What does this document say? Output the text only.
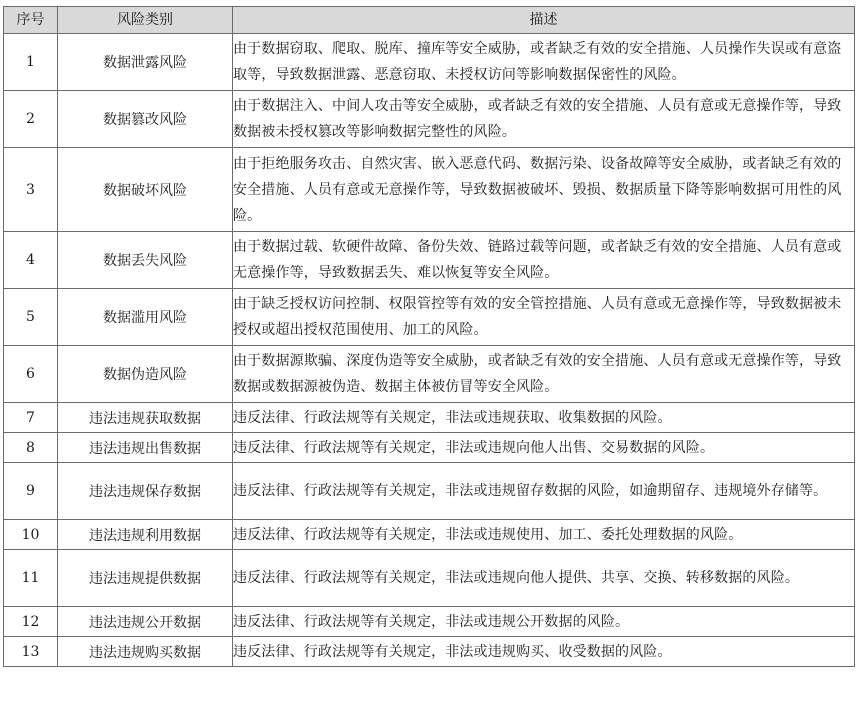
序号	风险类别	描述
1	数据泄露风险	由于数据窃取、爬取、脱库、撞库等安全威胁，或者缺乏有效的安全措施、人员操作失误或有意盗取等，导致数据泄露、恶意窃取、未授权访问等影响数据保密性的风险。
2	数据篡改风险	由于数据注入、中间人攻击等安全威胁，或者缺乏有效的安全措施、人员有意或无意操作等，导致数据被未授权篡改等影响数据完整性的风险。
3	数据破坏风险	由于拒绝服务攻击、自然灾害、嵌入恶意代码、数据污染、设备故障等安全威胁，或者缺乏有效的安全措施、人员有意或无意操作等，导致数据被破坏、毁损、数据质量下降等影响数据可用性的风险。
4	数据丢失风险	由于数据过载、软硬件故障、备份失效、链路过载等问题，或者缺乏有效的安全措施、人员有意或无意操作等，导致数据丢失、难以恢复等安全风险。
5	数据滥用风险	由于缺乏授权访问控制、权限管控等有效的安全管控措施、人员有意或无意操作等，导致数据被未授权或超出授权范围使用、加工的风险。
6	数据伪造风险	由于数据源欺骗、深度伪造等安全威胁，或者缺乏有效的安全措施、人员有意或无意操作等，导致数据或数据源被伪造、数据主体被仿冒等安全风险。
7	违法违规获取数据	违反法律、行政法规等有关规定，非法或违规获取、收集数据的风险。
8	违法违规出售数据	违反法律、行政法规等有关规定，非法或违规向他人出售、交易数据的风险。
9	违法违规保存数据	违反法律、行政法规等有关规定，非法或违规留存数据的风险，如逾期留存、违规境外存储等。
10	违法违规利用数据	违反法律、行政法规等有关规定，非法或违规使用、加工、委托处理数据的风险。
11	违法违规提供数据	违反法律、行政法规等有关规定，非法或违规向他人提供、共享、交换、转移数据的风险。
12	违法违规公开数据	违反法律、行政法规等有关规定，非法或违规公开数据的风险。
13	违法违规购买数据	违反法律、行政法规等有关规定，非法或违规购买、收受数据的风险。
